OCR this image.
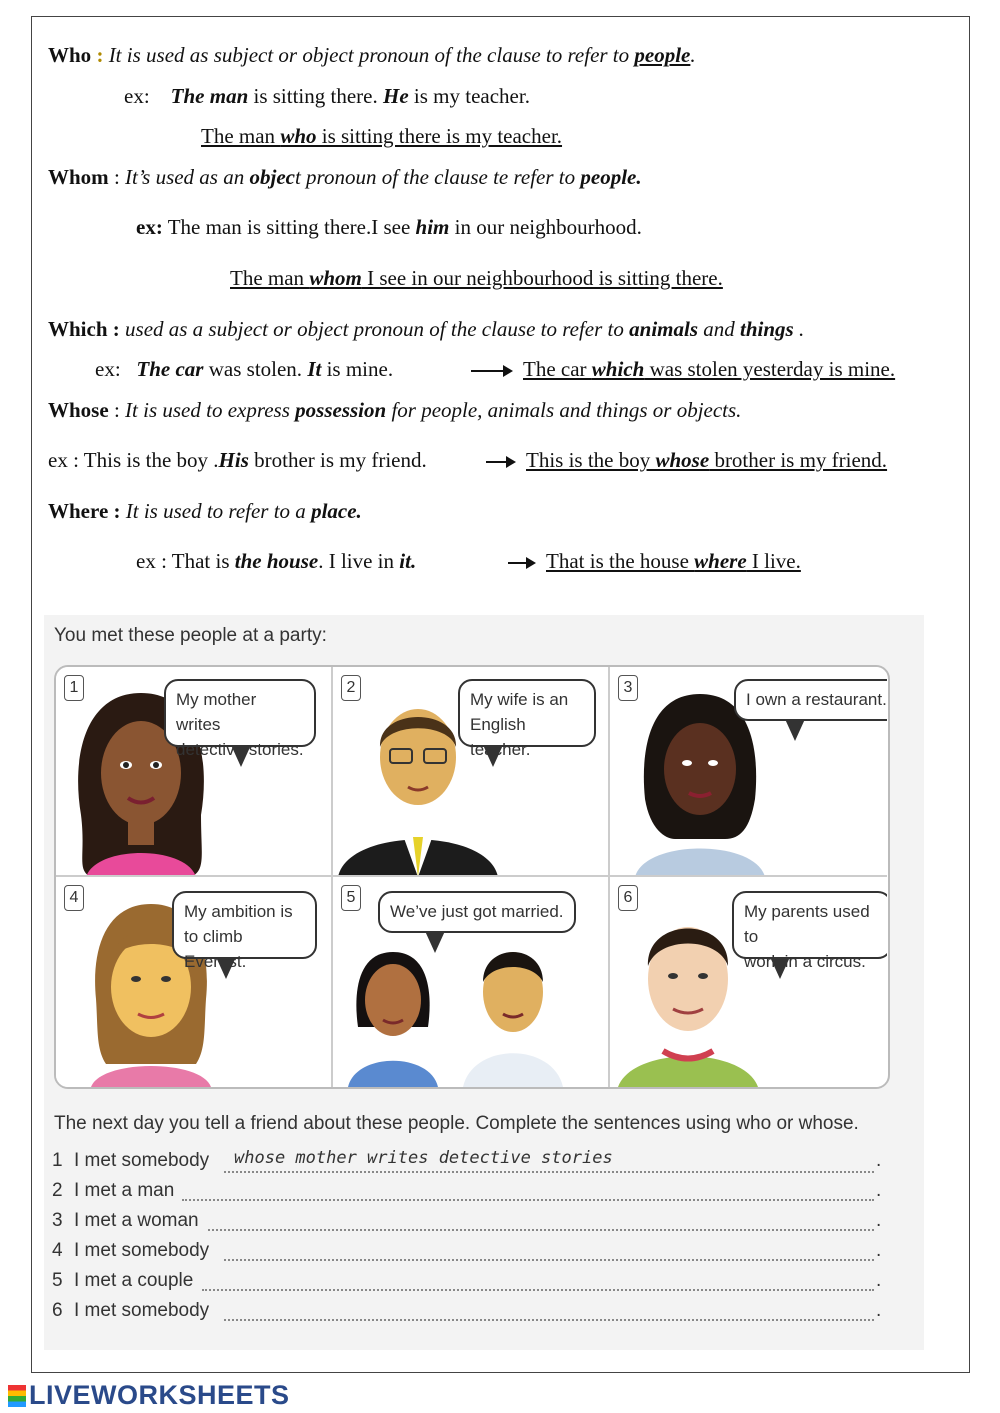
Who : It is used as subject or object pronoun of the clause to refer to people.
ex: The man is sitting there. He is my teacher.
The man who is sitting there is my teacher.
Whom : It’s used as an object pronoun of the clause te refer to people.
ex: The man is sitting there.I see him in our neighbourhood.
The man whom I see in our neighbourhood is sitting there.
Which : used as a subject or object pronoun of the clause to refer to animals and things .
ex: The car was stolen. It is mine.	The car which was stolen yesterday is mine.
Whose : It is used to express possession for people, animals and things or objects.
ex : This is the boy .His brother is my friend.	This is the boy whose brother is my friend.
Where : It is used to refer to a place.
ex : That is the house. I live in it.	That is the house where I live.
You met these people at a party:
1
My mother writes
detective stories.
2
My wife is an
English teacher.
3
I own a restaurant.
4
My ambition is
to climb Everest.
5
We’ve just got married.
6
My parents used to
work in a circus.
The next day you tell a friend about these people. Complete the sentences using who or whose.
1 I met somebody whose mother writes detective stories	.
2 I met a man	.
3 I met a woman	.
4 I met somebody	.
5 I met a couple	.
6 I met somebody	.
LIVEWORKSHEETS
